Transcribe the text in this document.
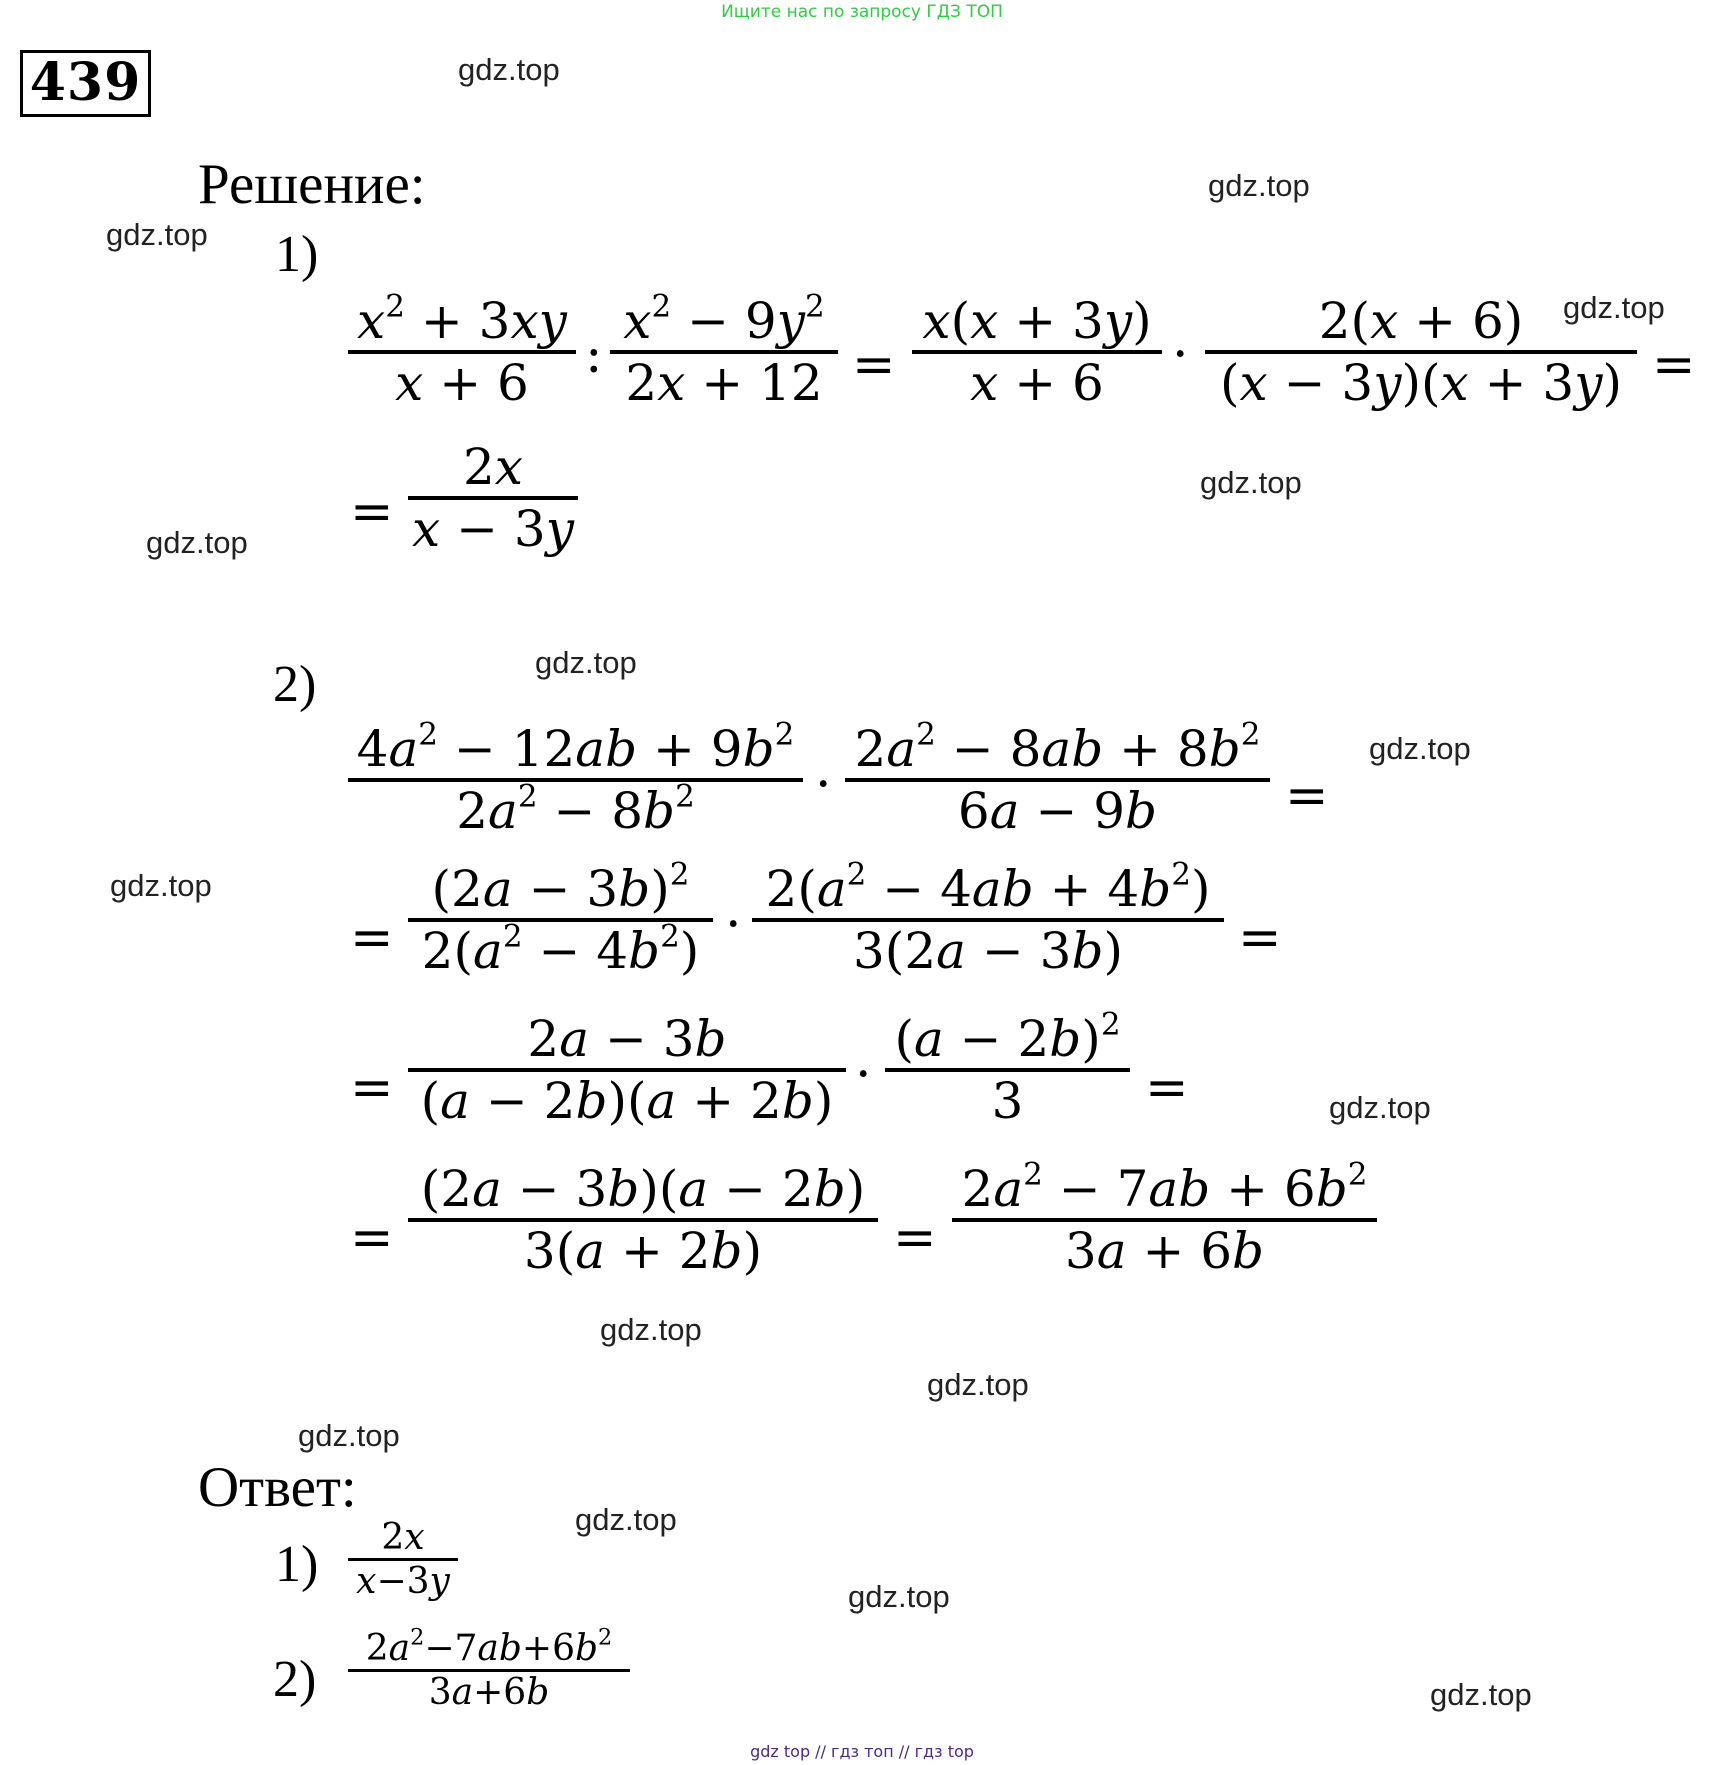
Ищите нас по запросу ГДЗ ТОП
439	gdz.top
gdz.top
gdz.top
gdz.top
gdz.top
gdz.top
gdz.top
gdz.top
gdz.top
gdz.top
gdz.top
gdz.top
gdz.top
gdz.top
gdz.top
gdz.top
Решение:
1)
$x^2 + 3xy$
x + 6	:
$x^2 - 9y^2$
2x + 12 =
x(x + 3y)
x + 6	·
2(x + 6)
(x − 3y)(x + 3y) =
=
2x
x − 3y
2)
$4a^2 - 12ab + 9b^2$
$2a^2 - 8b^2$	·
$2a^2 - 8ab + 8b^2$
6a − 9b	=
=
$(2a - 3b)^2$
$2(a^2 - 4b^2)$ ·
$2(a^2 - 4ab + 4b^2)$
3(2a − 3b)	=
=
2a − 3b
(a − 2b)(a + 2b) ·
$(a - 2b)^2$
3	=
=
(2a − 3b)(a − 2b)
3(a + 2b)	=
$2a^2 - 7ab + 6b^2$
3a + 6b
Ответ:
1)	2x
x−3y
2)
$2a^2-7ab+6b^2$
3a+6b
gdz top // гдз топ // гдз top
